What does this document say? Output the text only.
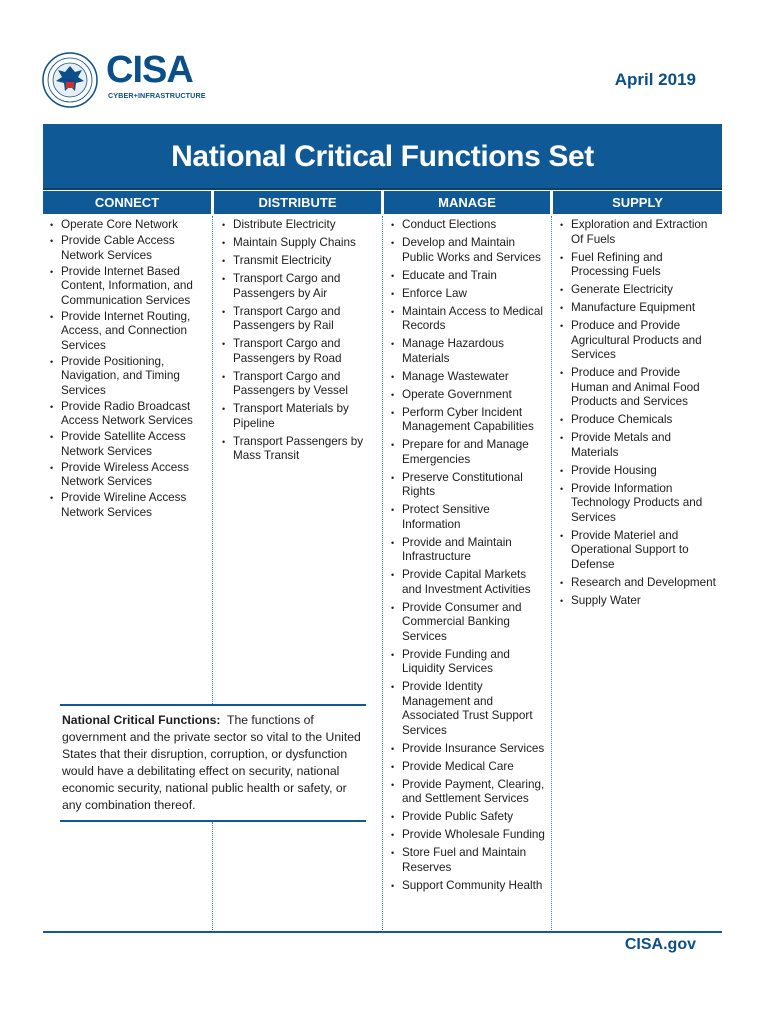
CISA
CYBER+INFRASTRUCTURE
April 2019
National Critical Functions Set
CONNECT	DISTRIBUTE	MANAGE	SUPPLY
• Operate Core Network
• Provide Cable Access Network Services
• Provide Internet Based Content, Information, and Communication Services
• Provide Internet Routing, Access, and Connection Services
• Provide Positioning, Navigation, and Timing Services
• Provide Radio Broadcast Access Network Services
• Provide Satellite Access Network Services
• Provide Wireless Access Network Services
• Provide Wireline Access Network Services
• Distribute Electricity
• Maintain Supply Chains
• Transmit Electricity
• Transport Cargo and Passengers by Air
• Transport Cargo and Passengers by Rail
• Transport Cargo and Passengers by Road
• Transport Cargo and Passengers by Vessel
• Transport Materials by Pipeline
• Transport Passengers by Mass Transit
• Conduct Elections
• Develop and Maintain Public Works and Services
• Educate and Train
• Enforce Law
• Maintain Access to Medical Records
• Manage Hazardous Materials
• Manage Wastewater
• Operate Government
• Perform Cyber Incident Management Capabilities
• Prepare for and Manage Emergencies
• Preserve Constitutional Rights
• Protect Sensitive Information
• Provide and Maintain Infrastructure
• Provide Capital Markets and Investment Activities
• Provide Consumer and Commercial Banking Services
• Provide Funding and Liquidity Services
• Provide Identity Management and Associated Trust Support Services
• Provide Insurance Services
• Provide Medical Care
• Provide Payment, Clearing, and Settlement Services
• Provide Public Safety
• Provide Wholesale Funding
• Store Fuel and Maintain Reserves
• Support Community Health
• Exploration and Extraction Of Fuels
• Fuel Refining and Processing Fuels
• Generate Electricity
• Manufacture Equipment
• Produce and Provide Agricultural Products and Services
• Produce and Provide Human and Animal Food Products and Services
• Produce Chemicals
• Provide Metals and Materials
• Provide Housing
• Provide Information Technology Products and Services
• Provide Materiel and Operational Support to Defense
• Research and Development
• Supply Water

National Critical Functions: The functions of government and the private sector so vital to the United States that their disruption, corruption, or dysfunction would have a debilitating effect on security, national economic security, national public health or safety, or any combination thereof.

CISA.gov
